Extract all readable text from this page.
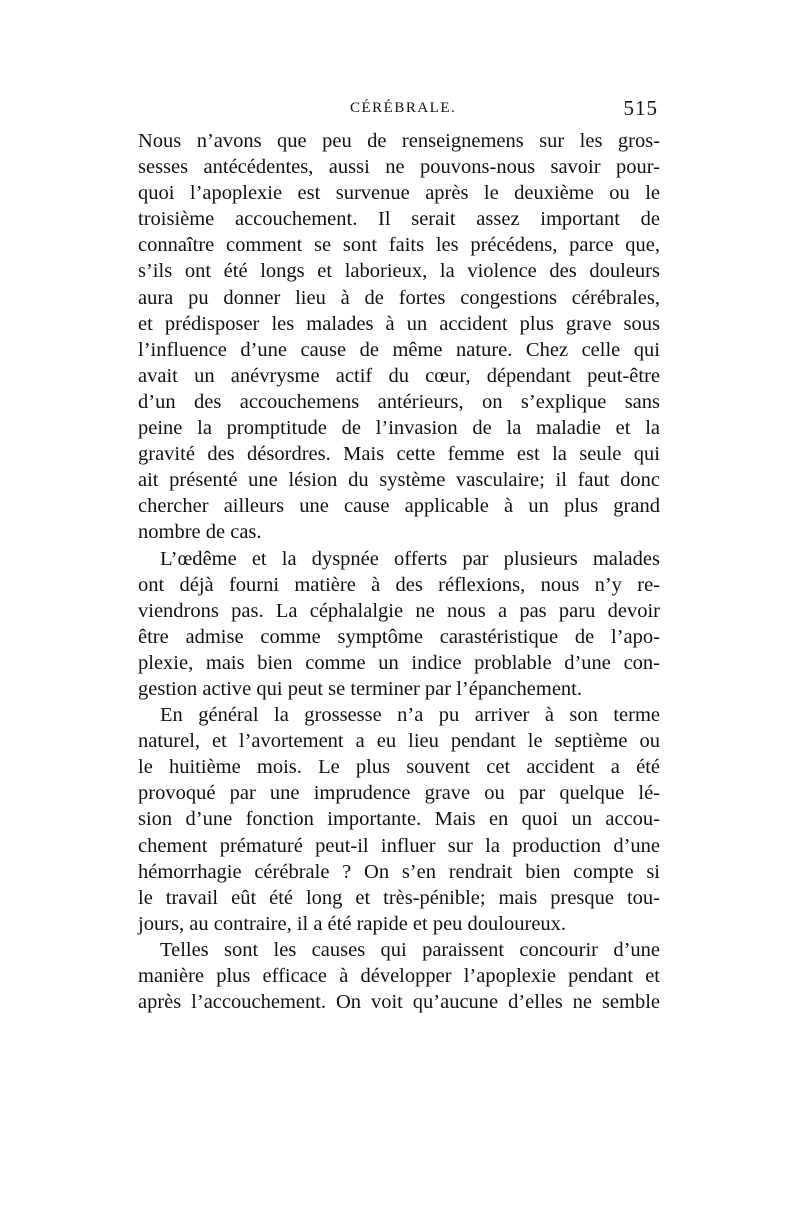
CÉRÉBRALE.	515
Nous n’avons que peu de renseignemens sur les gros-
sesses antécédentes, aussi ne pouvons-nous savoir pour-
quoi l’apoplexie est survenue après le deuxième ou le
troisième accouchement. Il serait assez important de
connaître comment se sont faits les précédens, parce que,
s’ils ont été longs et laborieux, la violence des douleurs
aura pu donner lieu à de fortes congestions cérébrales,
et prédisposer les malades à un accident plus grave sous
l’influence d’une cause de même nature. Chez celle qui
avait un anévrysme actif du cœur, dépendant peut-être
d’un des accouchemens antérieurs, on s’explique sans
peine la promptitude de l’invasion de la maladie et la
gravité des désordres. Mais cette femme est la seule qui
ait présenté une lésion du système vasculaire; il faut donc
chercher ailleurs une cause applicable à un plus grand
nombre de cas.
L’œdême et la dyspnée offerts par plusieurs malades
ont déjà fourni matière à des réflexions, nous n’y re-
viendrons pas. La céphalalgie ne nous a pas paru devoir
être admise comme symptôme carastéristique de l’apo-
plexie, mais bien comme un indice problable d’une con-
gestion active qui peut se terminer par l’épanchement.
En général la grossesse n’a pu arriver à son terme
naturel, et l’avortement a eu lieu pendant le septième ou
le huitième mois. Le plus souvent cet accident a été
provoqué par une imprudence grave ou par quelque lé-
sion d’une fonction importante. Mais en quoi un accou-
chement prématuré peut-il influer sur la production d’une
hémorrhagie cérébrale ? On s’en rendrait bien compte si
le travail eût été long et très-pénible; mais presque tou-
jours, au contraire, il a été rapide et peu douloureux.
Telles sont les causes qui paraissent concourir d’une
manière plus efficace à développer l’apoplexie pendant et
après l’accouchement. On voit qu’aucune d’elles ne semble
